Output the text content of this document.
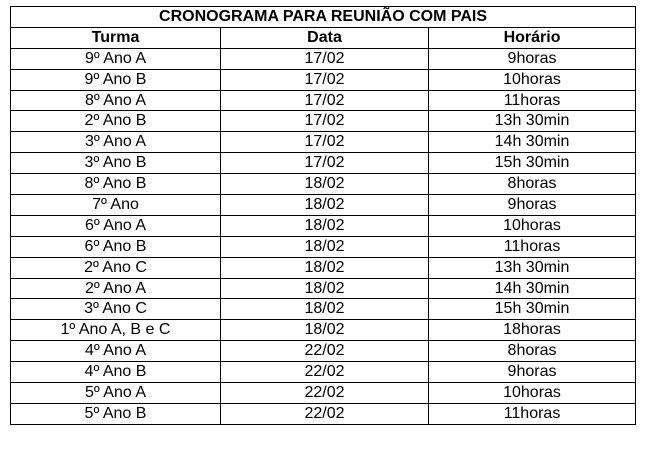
CRONOGRAMA PARA REUNIÃO COM PAIS		
Turma	Data	Horário
9º Ano A	17/02	9horas
9º Ano B	17/02	10horas
8º Ano A	17/02	11horas
2º Ano B	17/02	13h 30min
3º Ano A	17/02	14h 30min
3º Ano B	17/02	15h 30min
8º Ano B	18/02	8horas
7º Ano	18/02	9horas
6º Ano A	18/02	10horas
6º Ano B	18/02	11horas
2º Ano C	18/02	13h 30min
2º Ano A	18/02	14h 30min
3º Ano C	18/02	15h 30min
1º Ano A, B e C	18/02	18horas
4º Ano A	22/02	8horas
4º Ano B	22/02	9horas
5º Ano A	22/02	10horas
5º Ano B	22/02	11horas
